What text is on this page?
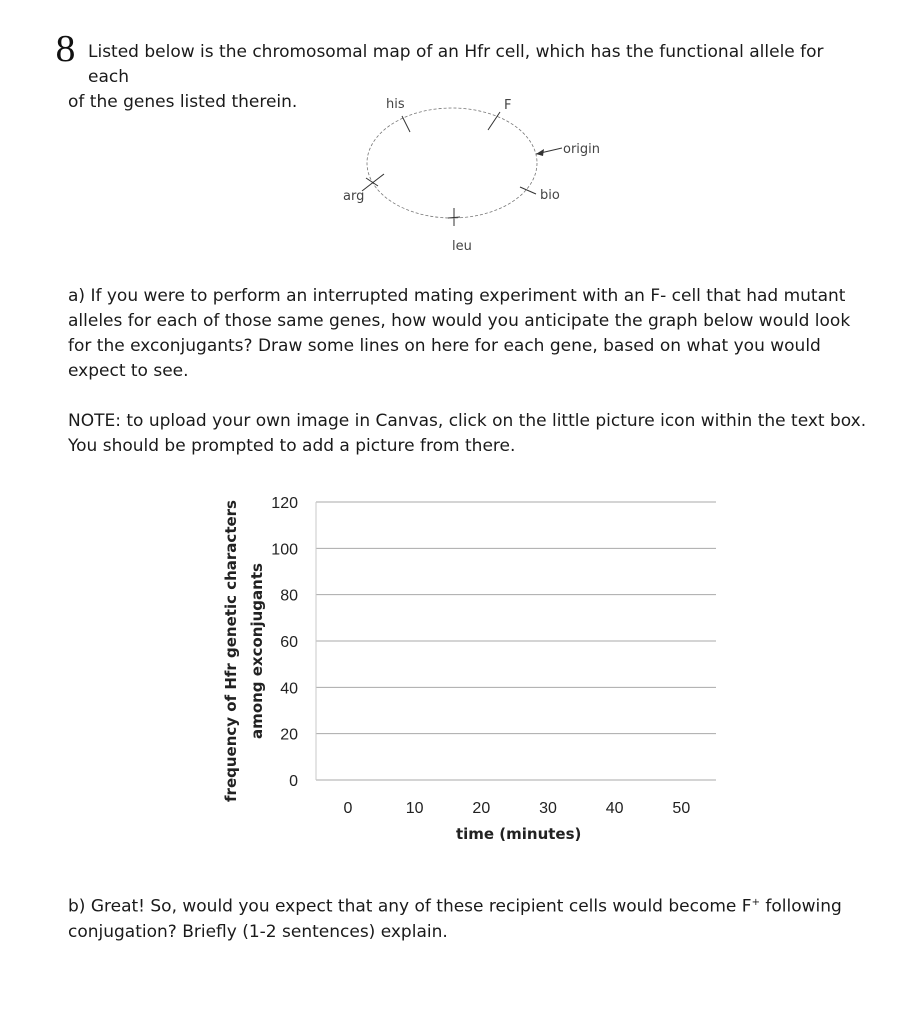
8 Listed below is the chromosomal map of an Hfr cell, which has the functional allele for each
of the genes listed therein.	his	F
origin
bio
leu
arg
a) If you were to perform an interrupted mating experiment with an F- cell that had mutant alleles for each of those same genes, how would you anticipate the graph below would look for the exconjugants? Draw some lines on here for each gene, based on what you would expect to see.
NOTE: to upload your own image in Canvas, click on the little picture icon within the text box.
You should be prompted to add a picture from there.
0
20
40
60
80
100
120
0	10	20	30	40	50
frequency of Hfr genetic characters among exconjugants
time (minutes)
b) Great! So, would you expect that any of these recipient cells would become F+ following conjugation? Briefly (1-2 sentences) explain.
